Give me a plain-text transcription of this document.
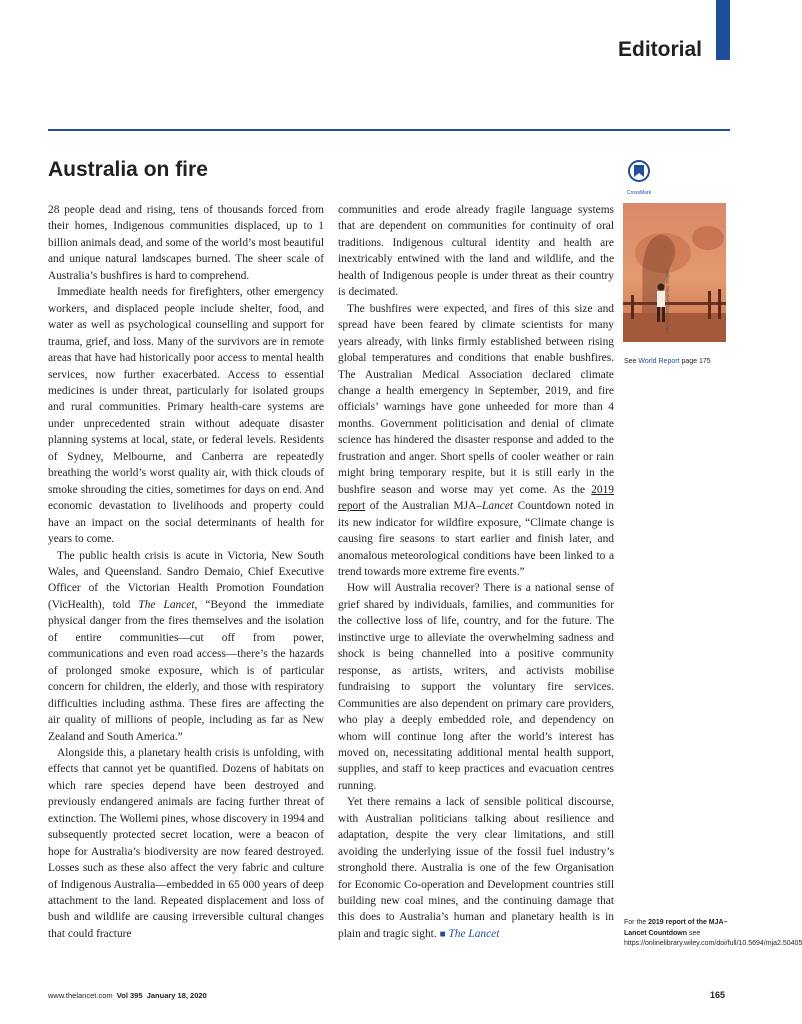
Editorial
Australia on fire
CrossMark

28 people dead and rising, tens of thousands forced from their homes, Indigenous communities displaced, up to 1 billion animals dead, and some of the world’s most beautiful and unique natural landscapes burned. The sheer scale of Australia’s bushfires is hard to comprehend.

Immediate health needs for firefighters, other emergency workers, and displaced people include shelter, food, and water as well as psychological counselling and support for trauma, grief, and loss. Many of the survivors are in remote areas that have had historically poor access to mental health services, now further exacerbated. Access to essential medicines is under threat, particularly for isolated groups and rural communities. Primary health-care systems are under unprecedented strain without adequate disaster planning systems at local, state, or federal levels. Residents of Sydney, Melbourne, and Canberra are repeatedly breathing the world’s worst quality air, with thick clouds of smoke shrouding the cities, sometimes for days on end. And economic devastation to livelihoods and property could have an impact on the social determinants of health for years to come.

The public health crisis is acute in Victoria, New South Wales, and Queensland. Sandro Demaio, Chief Executive Officer of the Victorian Health Promotion Foundation (VicHealth), told The Lancet, “Beyond the immediate physical danger from the fires themselves and the isolation of entire communities—cut off from power, communications and even road access—there’s the hazards of prolonged smoke exposure, which is of particular concern for children, the elderly, and those with respiratory difficulties including asthma. These fires are affecting the air quality of millions of people, including as far as New Zealand and South America.”

Alongside this, a planetary health crisis is unfolding, with effects that cannot yet be quantified. Dozens of habitats on which rare species depend have been destroyed and previously endangered animals are facing further threat of extinction. The Wollemi pines, whose discovery in 1994 and subsequently protected secret location, were a beacon of hope for Australia’s biodiversity are now feared destroyed. Losses such as these also affect the very fabric and culture of Indigenous Australia—embedded in 65 000 years of deep attachment to the land. Repeated displacement and loss of bush and wildlife are causing irreversible cultural changes that could fracture

communities and erode already fragile language systems that are dependent on communities for continuity of oral traditions. Indigenous cultural identity and health are inextricably entwined with the land and wildlife, and the health of Indigenous people is under threat as their country is decimated.

The bushfires were expected, and fires of this size and spread have been feared by climate scientists for many years already, with links firmly established between rising global temperatures and conditions that enable bushfires. The Australian Medical Association declared climate change a health emergency in September, 2019, and fire officials’ warnings have gone unheeded for more than 4 months. Government politicisation and denial of climate science has hindered the disaster response and added to the frustration and anger. Short spells of cooler weather or rain might bring temporary respite, but it is still early in the bushfire season and worse may yet come. As the 2019 report of the Australian MJA–Lancet Countdown noted in its new indicator for wildfire exposure, “Climate change is causing fire seasons to start earlier and finish later, and anomalous meteorological conditions have been linked to a trend towards more extreme fire events.”

How will Australia recover? There is a national sense of grief shared by individuals, families, and communities for the collective loss of life, country, and for the future. The instinctive urge to alleviate the overwhelming sadness and shock is being channelled into a positive community response, as artists, writers, and activists mobilise fundraising to support the voluntary fire services. Communities are also dependent on primary care providers, who play a deeply embedded role, and dependency on whom will continue long after the world’s interest has moved on, necessitating additional mental health support, supplies, and staff to keep practices and evacuation centres running.

Yet there remains a lack of sensible political discourse, with Australian politicians talking about resilience and adaptation, despite the very clear limitations, and still avoiding the underlying issue of the fossil fuel industry’s stronghold there. Australia is one of the few Organisation for Economic Co-operation and Development countries still building new coal mines, and the continuing damage that this does to Australia’s human and planetary health is in plain and tragic sight. ■ The Lancet

William West/AFP/Getty Images
See World Report page 175
For the 2019 report of the MJA–Lancet Countdown see https://onlinelibrary.wiley.com/doi/full/10.5694/mja2.50405
www.thelancet.com Vol 395 January 18, 2020	165
